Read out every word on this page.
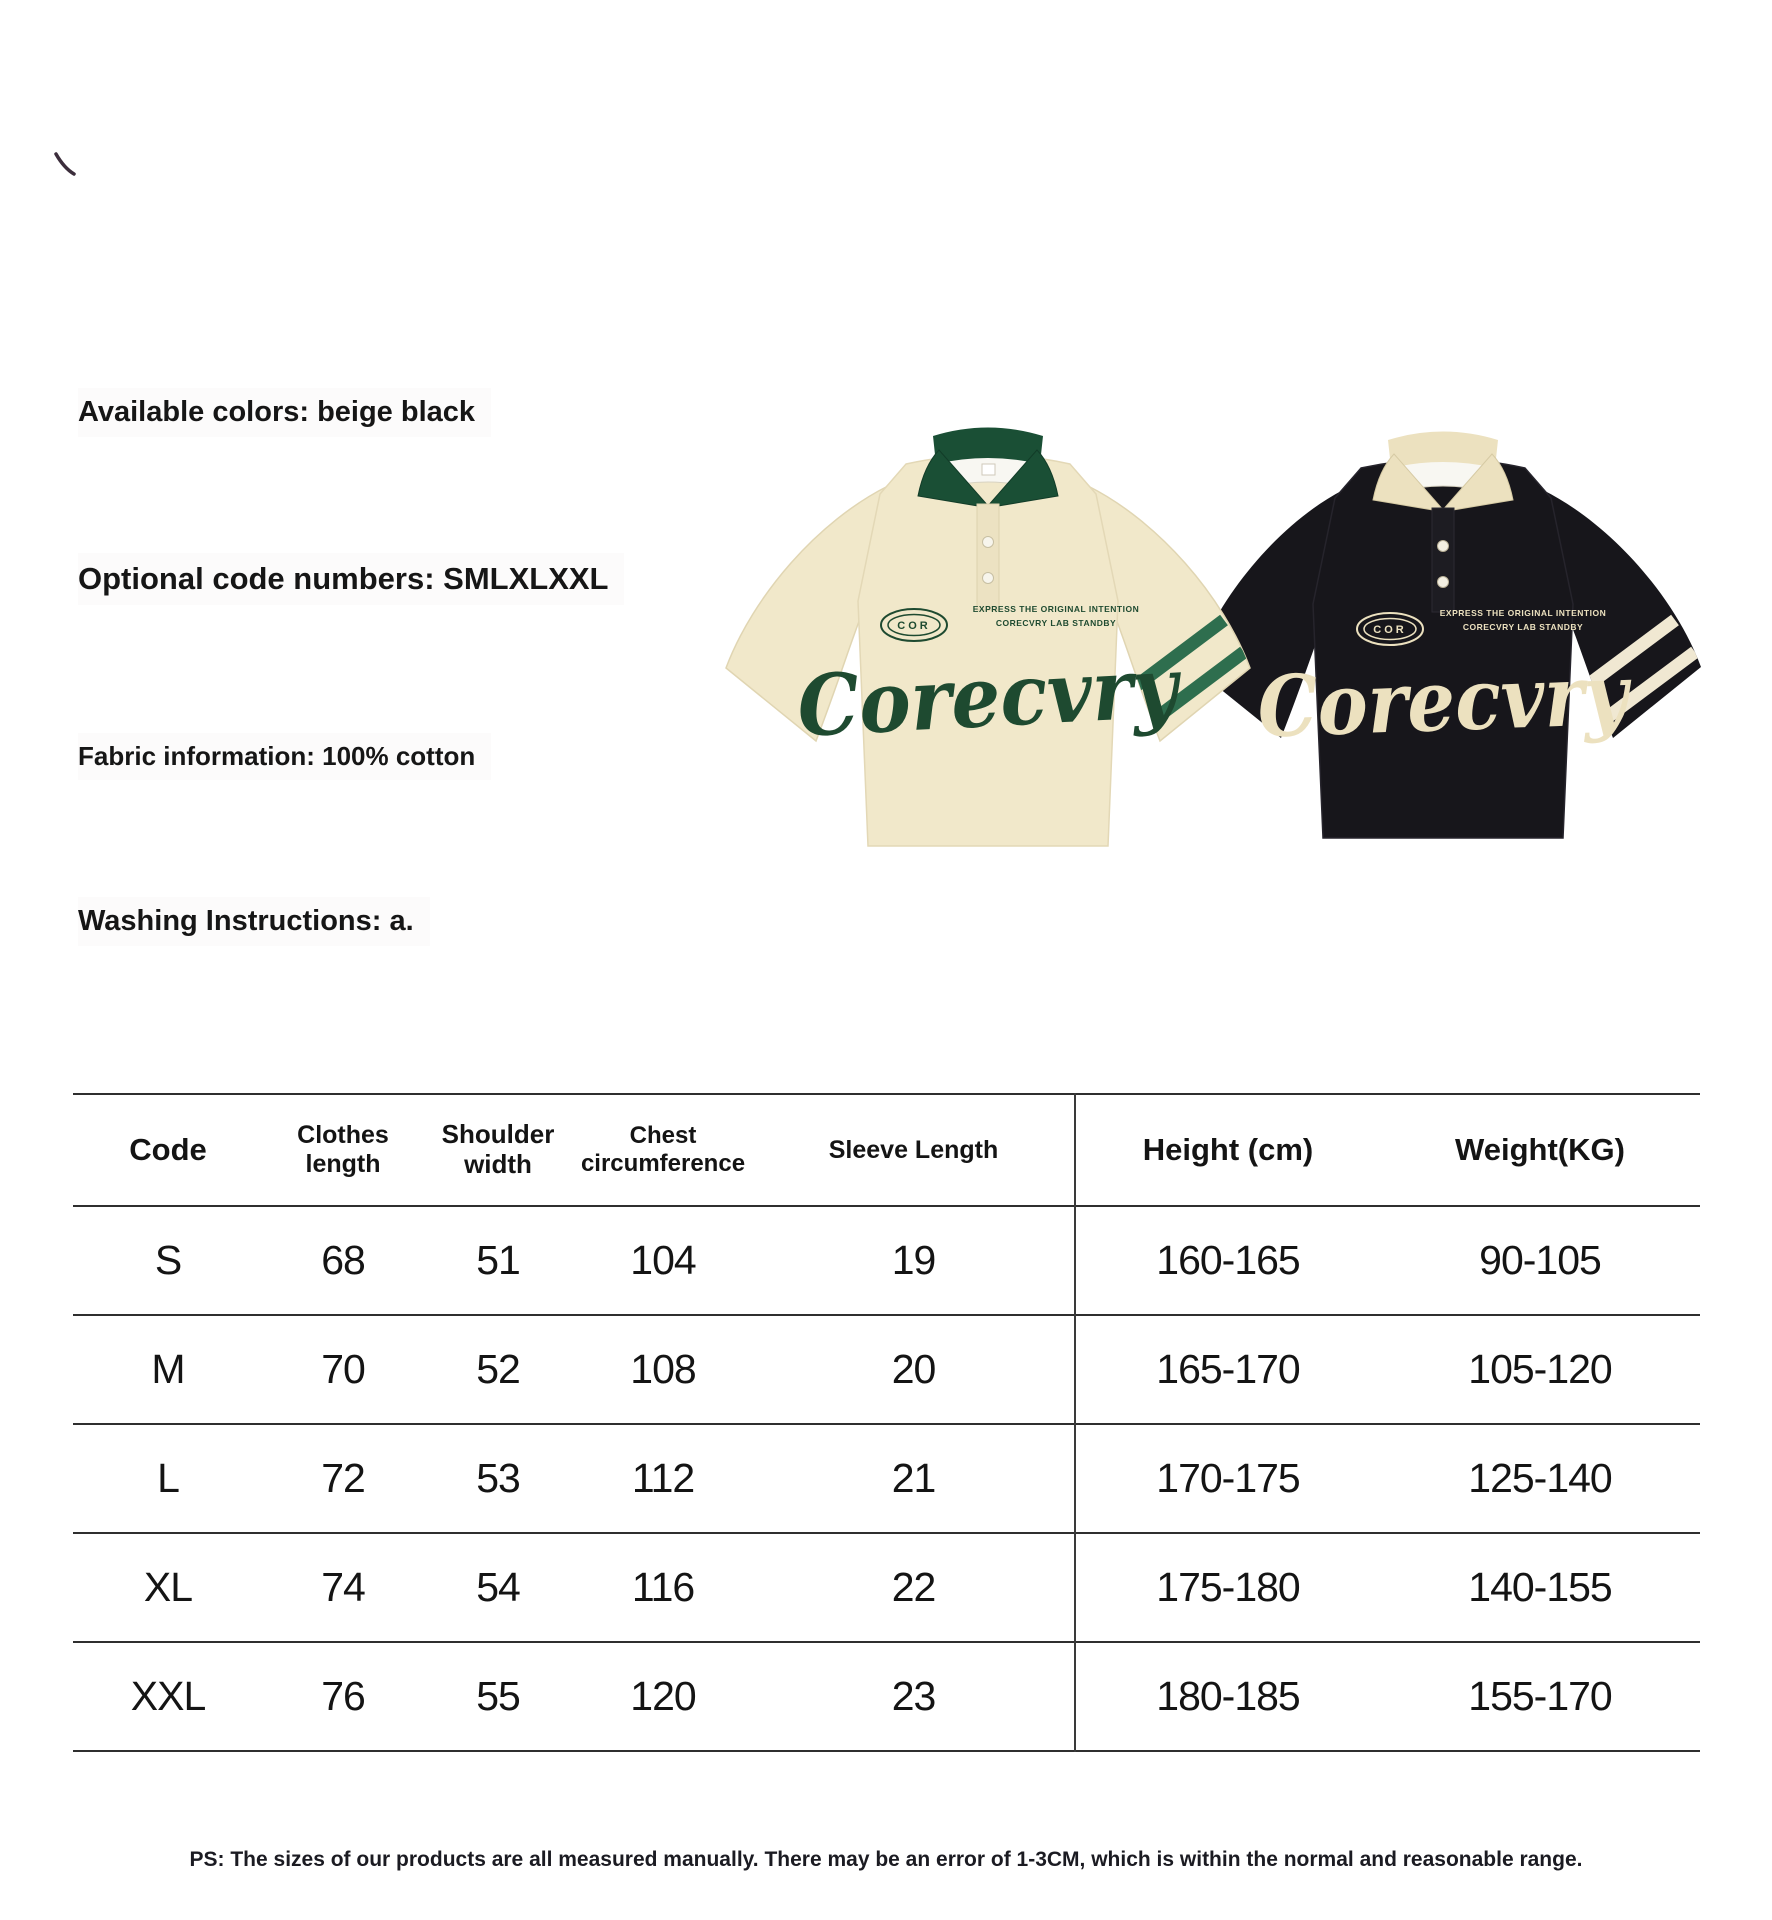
Available colors: beige black
Optional code numbers: SMLXLXXL
Fabric information: 100% cotton
Washing Instructions: a.
COR
EXPRESS THE ORIGINAL INTENTION
CORECVRY LAB STANDBY
Corecvry
COR
EXPRESS THE ORIGINAL INTENTION
CORECVRY LAB STANDBY
Corecvry
Code	Clothes length	Shoulder width	Chest circumference	Sleeve Length	Height (cm)	Weight(KG)
S	68	51	104	19	160-165	90-105
M	70	52	108	20	165-170	105-120
L	72	53	112	21	170-175	125-140
XL	74	54	116	22	175-180	140-155
XXL	76	55	120	23	180-185	155-170
PS: The sizes of our products are all measured manually. There may be an error of 1-3CM, which is within the normal and reasonable range.
